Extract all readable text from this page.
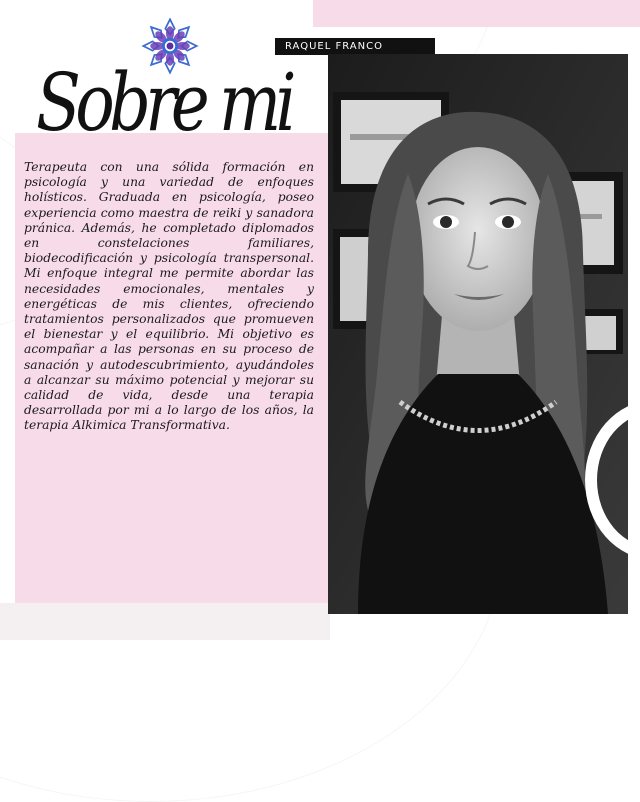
RAQUEL FRANCO
Sobre mi

Terapeuta con una sólida formación en psicología y una variedad de enfoques holísticos. Graduada en psicología, poseo experiencia como maestra de reiki y sanadora pránica. Además, he completado diplomados en constelaciones familiares, biodecodificación y psicología transpersonal. Mi enfoque integral me permite abordar las necesidades emocionales, mentales y energéticas de mis clientes, ofreciendo tratamientos personalizados que promueven el bienestar y el equilibrio. Mi objetivo es acompañar a las personas en su proceso de sanación y autodescubrimiento, ayudándoles a alcanzar su máximo potencial y mejorar su calidad de vida, desde una terapia desarrollada por mi a lo largo de los años, la terapia Alkimica Transformativa.
